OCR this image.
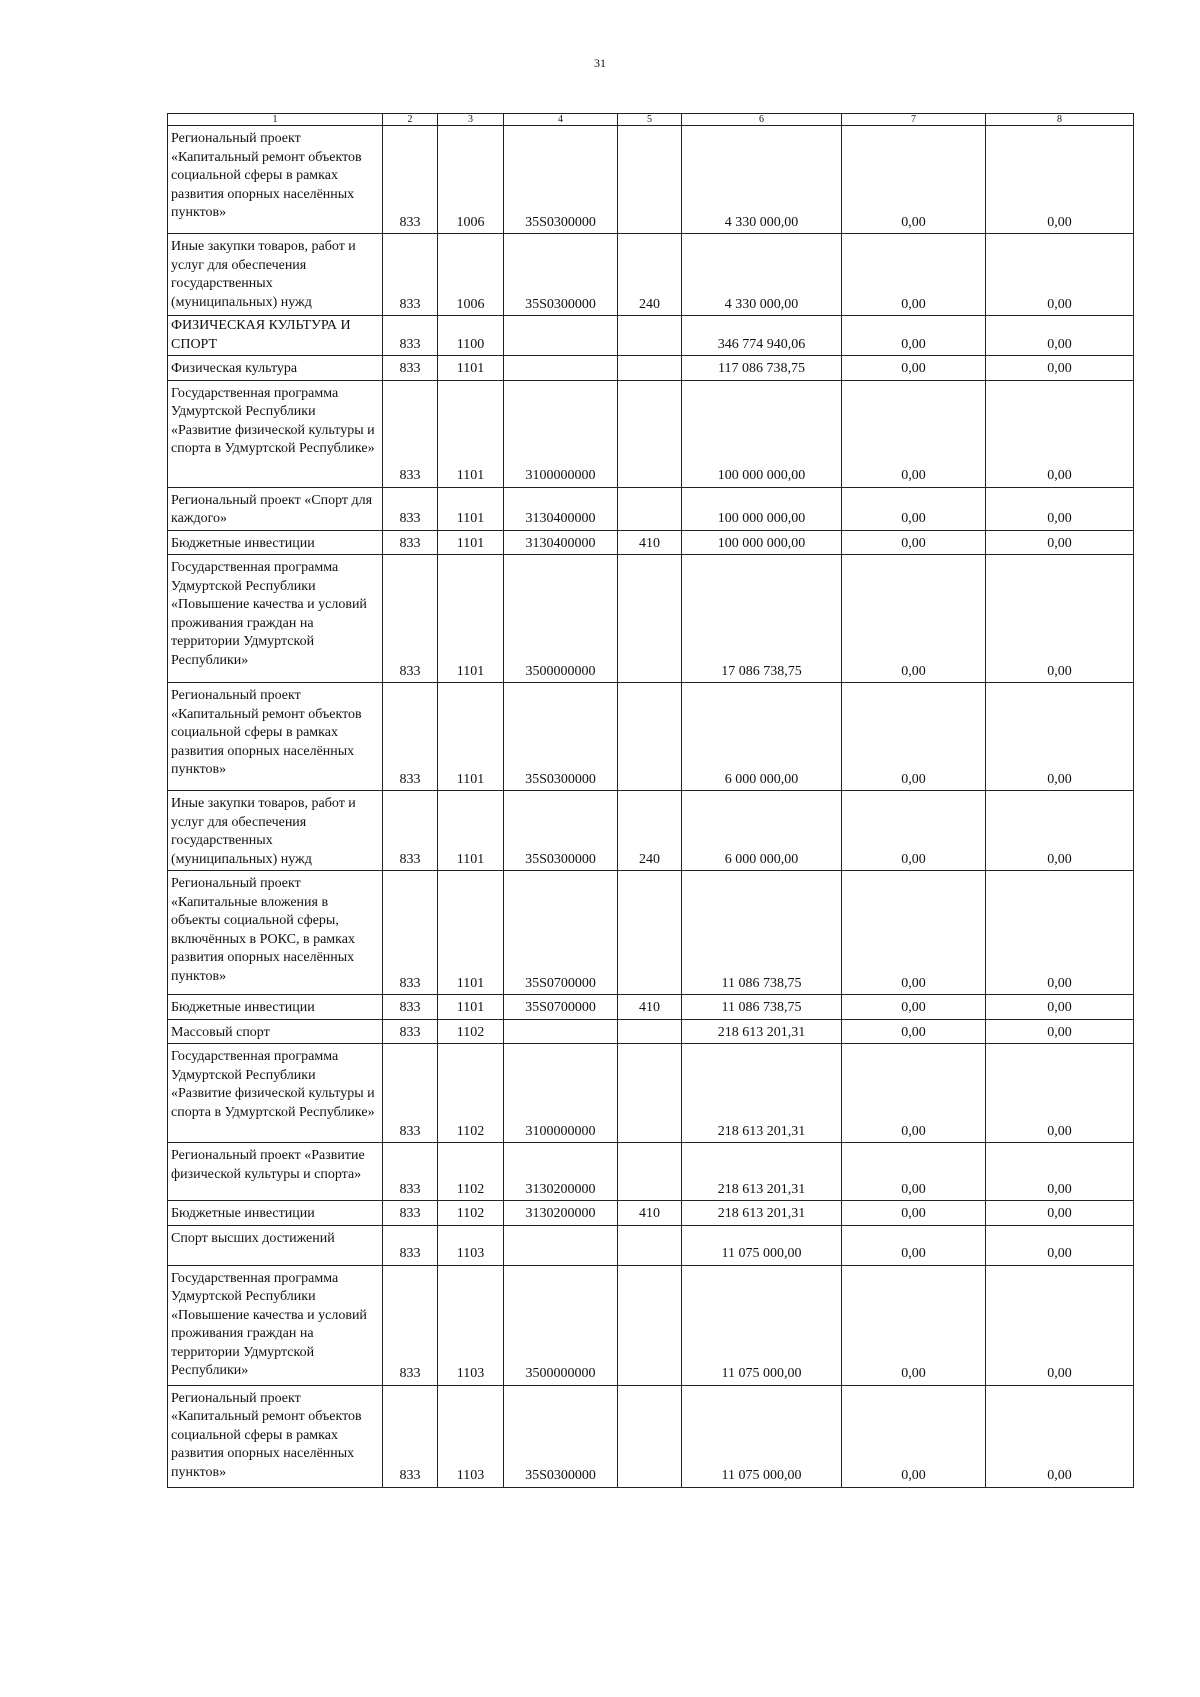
31
1	2	3	4	5	6	7	8
Региональный проект «Капитальный ремонт объектов социальной сферы в рамках развития опорных населённых пунктов»	833	1006	35S0300000		4 330 000,00	0,00	0,00
Иные закупки товаров, работ и услуг для обеспечения государственных (муниципальных) нужд	833	1006	35S0300000	240	4 330 000,00	0,00	0,00
ФИЗИЧЕСКАЯ КУЛЬТУРА И СПОРТ	833	1100			346 774 940,06	0,00	0,00
Физическая культура	833	1101			117 086 738,75	0,00	0,00
Государственная программа Удмуртской Республики «Развитие физической культуры и спорта в Удмуртской Республике»	833	1101	3100000000		100 000 000,00	0,00	0,00
Региональный проект «Спорт для каждого»	833	1101	3130400000		100 000 000,00	0,00	0,00
Бюджетные инвестиции	833	1101	3130400000	410	100 000 000,00	0,00	0,00
Государственная программа Удмуртской Республики «Повышение качества и условий проживания граждан на территории Удмуртской Республики»	833	1101	3500000000		17 086 738,75	0,00	0,00
Региональный проект «Капитальный ремонт объектов социальной сферы в рамках развития опорных населённых пунктов»	833	1101	35S0300000		6 000 000,00	0,00	0,00
Иные закупки товаров, работ и услуг для обеспечения государственных (муниципальных) нужд	833	1101	35S0300000	240	6 000 000,00	0,00	0,00
Региональный проект «Капитальные вложения в объекты социальной сферы, включённых в РОКС, в рамках развития опорных населённых пунктов»	833	1101	35S0700000		11 086 738,75	0,00	0,00
Бюджетные инвестиции	833	1101	35S0700000	410	11 086 738,75	0,00	0,00
Массовый спорт	833	1102			218 613 201,31	0,00	0,00
Государственная программа Удмуртской Республики «Развитие физической культуры и спорта в Удмуртской Республике»	833	1102	3100000000		218 613 201,31	0,00	0,00
Региональный проект «Развитие физической культуры и спорта»	833	1102	3130200000		218 613 201,31	0,00	0,00
Бюджетные инвестиции	833	1102	3130200000	410	218 613 201,31	0,00	0,00
Спорт высших достижений	833	1103			11 075 000,00	0,00	0,00
Государственная программа Удмуртской Республики «Повышение качества и условий проживания граждан на территории Удмуртской Республики»	833	1103	3500000000		11 075 000,00	0,00	0,00
Региональный проект «Капитальный ремонт объектов социальной сферы в рамках развития опорных населённых пунктов»	833	1103	35S0300000		11 075 000,00	0,00	0,00
